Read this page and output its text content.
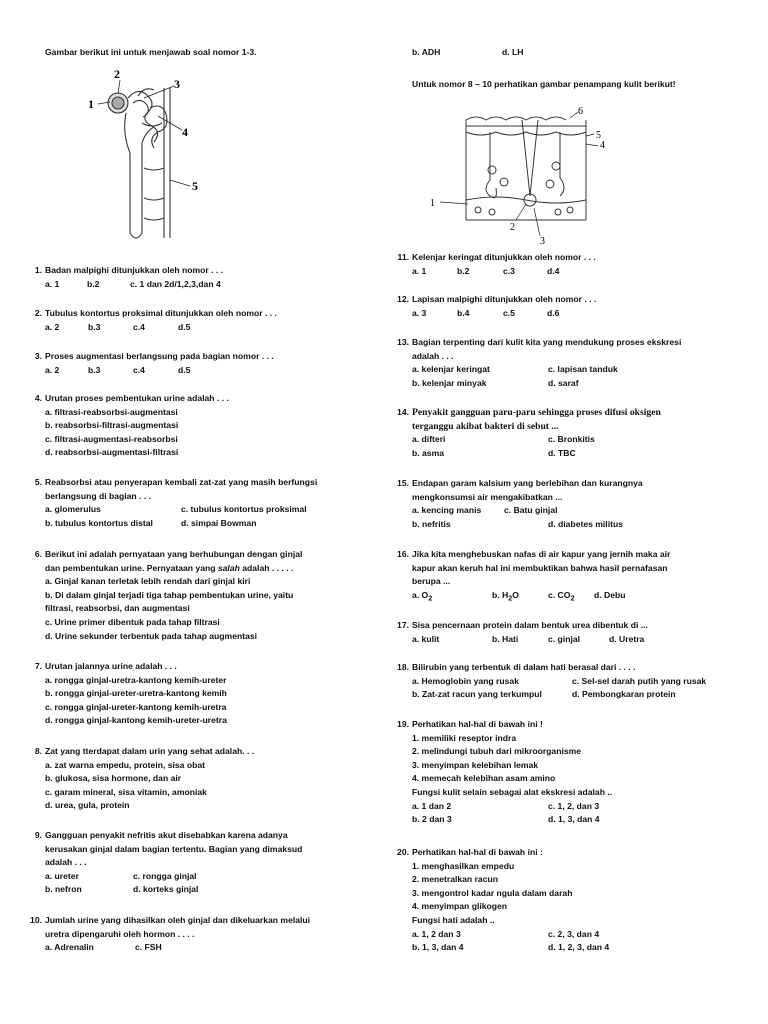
Gambar berikut ini untuk menjawab soal nomor 1-3.
1
2
3
4
5
1. Badan malpighi ditunjukkan oleh nomor . . .
a. 1	b.2	c. 1 dan 2d/1,2,3,dan 4
2. Tubulus kontortus proksimal ditunjukkan oleh nomor . . .
a. 2	b.3	c.4	d.5
3. Proses augmentasi berlangsung pada bagian nomor . . .
a. 2	b.3	c.4	d.5
4. Urutan proses pembentukan urine adalah . . .
a. filtrasi-reabsorbsi-augmentasi
b. reabsorbsi-filtrasi-augmentasi
c. filtrasi-augmentasi-reabsorbsi
d. reabsorbsi-augmentasi-filtrasi
5. Reabsorbsi atau penyerapan kembali zat-zat yang masih berfungsi
berlangsung di bagian . . .
a. glomerulus	c. tubulus kontortus proksimal
b. tubulus kontortus distal	d. simpai Bowman
6. Berikut ini adalah pernyataan yang berhubungan dengan ginjal
dan pembentukan urine. Pernyataan yang salah adalah . . . . .
a. Ginjal kanan terletak lebih rendah dari ginjal kiri
b. Di dalam ginjal terjadi tiga tahap pembentukan urine, yaitu
filtrasi, reabsorbsi, dan augmentasi
c. Urine primer dibentuk pada tahap filtrasi
d. Urine sekunder terbentuk pada tahap augmentasi
7. Urutan jalannya urine adalah . . .
a. rongga ginjal-uretra-kantong kemih-ureter
b. rongga ginjal-ureter-uretra-kantong kemih
c. rongga ginjal-ureter-kantong kemih-uretra
d. rongga ginjal-kantong kemih-ureter-uretra
8. Zat yang tterdapat dalam urin yang sehat adalah. . .
a. zat warna empedu, protein, sisa obat
b. glukosa, sisa hormone, dan air
c. garam mineral, sisa vitamin, amoniak
d. urea, gula, protein
9. Gangguan penyakit nefritis akut disebabkan karena adanya
kerusakan ginjal dalam bagian tertentu. Bagian yang dimaksud
adalah . . .
a. ureter	c. rongga ginjal
b. nefron	d. korteks ginjal
10. Jumlah urine yang dihasilkan oleh ginjal dan dikeluarkan melalui
uretra dipengaruhi oleh hormon . . . .
a. Adrenalin	c. FSH
b. ADH	d. LH
Untuk nomor 8 – 10 perhatikan gambar penampang kulit berikut!
1
2
3
4
5
6
11. Kelenjar keringat ditunjukkan oleh nomor . . .
a. 1	b.2	c.3	d.4
12. Lapisan malpighi ditunjukkan oleh nomor . . .
a. 3	b.4	c.5	d.6
13. Bagian terpenting dari kulit kita yang mendukung proses ekskresi
adalah . . .
a. kelenjar keringat	c. lapisan tanduk
b. kelenjar minyak	d. saraf
14. Penyakit gangguan paru-paru sehingga proses difusi oksigen
terganggu akibat bakteri di sebut ...
a. difteri	c. Bronkitis
b. asma	d. TBC
15. Endapan garam kalsium yang berlebihan dan kurangnya
mengkonsumsi air mengakibatkan ...
a. kencing manis	c. Batu ginjal
b. nefritis	d. diabetes militus
16. Jika kita menghebuskan nafas di air kapur yang jernih maka air
kapur akan keruh hal ini membuktikan bahwa hasil pernafasan
berupa ...
a. $O_2$	b. $H_2O$	c. $CO_2$ d. Debu
17. Sisa pencernaan protein dalam bentuk urea dibentuk di ...
a. kulit	b. Hati	c. ginjal	d. Uretra
18. Bilirubin yang terbentuk di dalam hati berasal dari . . . .
a. Hemoglobin yang rusak	c. Sel-sel darah putih yang rusak
b. Zat-zat racun yang terkumpul	d. Pembongkaran protein
19. Perhatikan hal-hal di bawah ini !
1. memiliki reseptor indra
2. melindungi tubuh dari mikroorganisme
3. menyimpan kelebihan lemak
4. memecah kelebihan asam amino
Fungsi kulit selain sebagai alat ekskresi adalah ..
a. 1 dan 2	c. 1, 2, dan 3
b. 2 dan 3	d. 1, 3, dan 4
20. Perhatikan hal-hal di bawah ini :
1. menghasilkan empedu
2. menetralkan racun
3. mengontrol kadar ngula dalam darah
4. menyimpan glikogen
Fungsi hati adalah ..
a. 1, 2 dan 3	c. 2, 3, dan 4
b. 1, 3, dan 4	d. 1, 2, 3, dan 4
